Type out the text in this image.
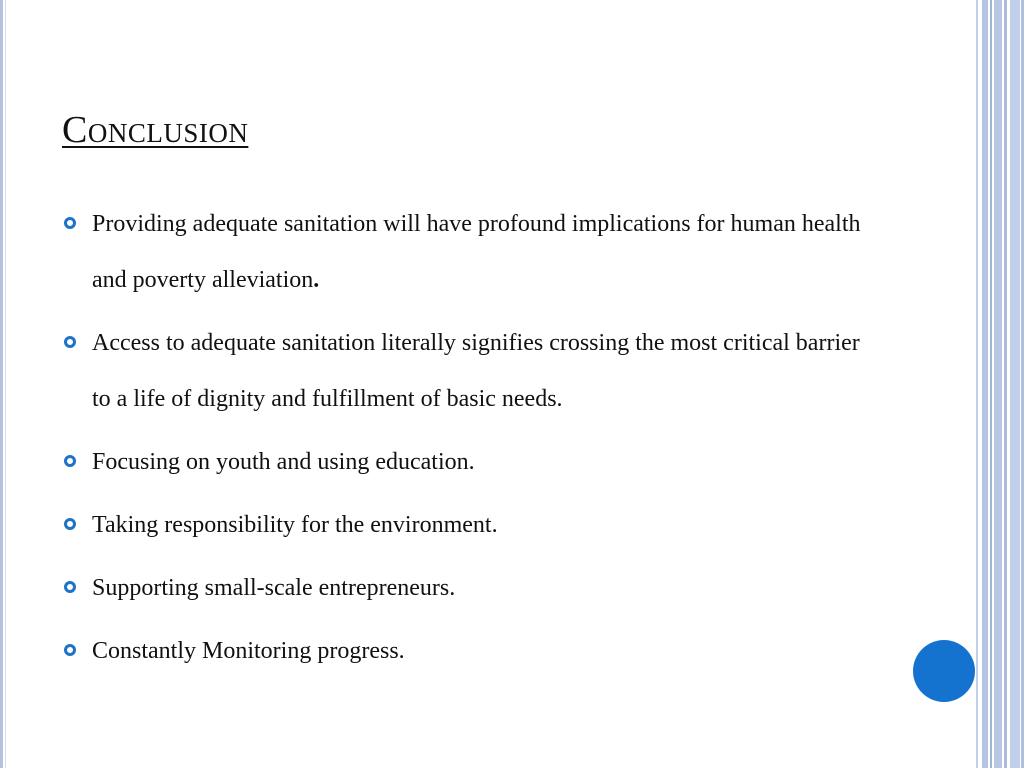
Conclusion
Providing adequate sanitation will have profound implications for human health and poverty alleviation.
Access to adequate sanitation literally signifies crossing the most critical barrier to a life of dignity and fulfillment of basic needs.
Focusing on youth and using education.
Taking responsibility for the environment.
Supporting small-scale entrepreneurs.
Constantly Monitoring progress.
